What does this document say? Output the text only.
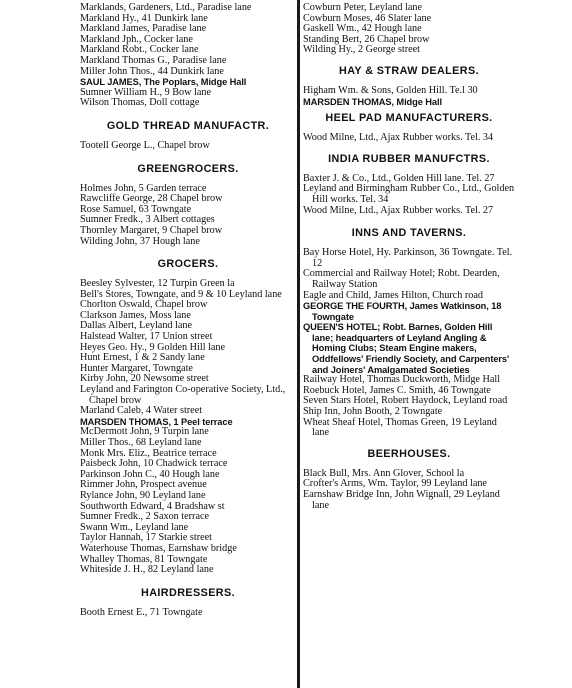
Marklands, Gardeners, Ltd., Paradise lane
Markland Hy., 41 Dunkirk lane
Markland James, Paradise lane
Markland Jph., Cocker lane
Markland Robt., Cocker lane
Markland Thomas G., Paradise lane
Miller John Thos., 44 Dunkirk lane
SAUL JAMES, The Poplars, Midge Hall
Sumner William H., 9 Bow lane
Wilson Thomas, Doll cottage
GOLD THREAD MANUFACTR.
Tootell George L., Chapel brow
GREENGROCERS.
Holmes John, 5 Garden terrace
Rawcliffe George, 28 Chapel brow
Rose Samuel, 63 Towngate
Sumner Fredk., 3 Albert cottages
Thornley Margaret, 9 Chapel brow
Wilding John, 37 Hough lane
GROCERS.
Beesley Sylvester, 12 Turpin Green la
Bell's Stores, Towngate, and 9 & 10 Leyland lane
Chorlton Oswald, Chapel brow
Clarkson James, Moss lane
Dallas Albert, Leyland lane
Halstead Walter, 17 Union street
Heyes Geo. Hy., 9 Golden Hill lane
Hunt Ernest, 1 & 2 Sandy lane
Hunter Margaret, Towngate
Kirby John, 20 Newsome street
Leyland and Farington Co-operative Society, Ltd., Chapel brow
Marland Caleb, 4 Water street
MARSDEN THOMAS, 1 Peel terrace
McDermott John, 9 Turpin lane
Miller Thos., 68 Leyland lane
Monk Mrs. Eliz., Beatrice terrace
Paisbeck John, 10 Chadwick terrace
Parkinson John C., 40 Hough lane
Rimmer John, Prospect avenue
Rylance John, 90 Leyland lane
Southworth Edward, 4 Bradshaw st
Sumner Fredk., 2 Saxon terrace
Swann Wm., Leyland lane
Taylor Hannah, 17 Starkie street
Waterhouse Thomas, Earnshaw bridge
Whalley Thomas, 81 Towngate
Whiteside J. H., 82 Leyland lane
HAIRDRESSERS.
Booth Ernest E., 71 Towngate
Cowburn Peter, Leyland lane
Cowburn Moses, 46 Slater lane
Gaskell Wm., 42 Hough lane
Standing Bert, 26 Chapel brow
Wilding Hy., 2 George street
HAY & STRAW DEALERS.
Higham Wm. & Sons, Golden Hill. Te.l 30
MARSDEN THOMAS, Midge Hall
HEEL PAD MANUFACTURERS.
Wood Milne, Ltd., Ajax Rubber works. Tel. 34
INDIA RUBBER MANUFCTRS.
Baxter J. & Co., Ltd., Golden Hill lane. Tel. 27
Leyland and Birmingham Rubber Co., Ltd., Golden Hill works. Tel. 34
Wood Milne, Ltd., Ajax Rubber works. Tel. 27
INNS AND TAVERNS.
Bay Horse Hotel, Hy. Parkinson, 36 Towngate. Tel. 12
Commercial and Railway Hotel; Robt. Dearden, Railway Station
Eagle and Child, James Hilton, Church road
GEORGE THE FOURTH, James Watkinson, 18 Towngate
QUEEN'S HOTEL; Robt. Barnes, Golden Hill lane; headquarters of Leyland Angling & Homing Clubs; Steam Engine makers, Oddfellows' Friendly Society, and Carpenters' and Joiners' Amalgamated Societies
Railway Hotel, Thomas Duckworth, Midge Hall
Roebuck Hotel, James C. Smith, 46 Towngate
Seven Stars Hotel, Robert Haydock, Leyland road
Ship Inn, John Booth, 2 Towngate
Wheat Sheaf Hotel, Thomas Green, 19 Leyland lane
BEERHOUSES.
Black Bull, Mrs. Ann Glover, School la
Crofter's Arms, Wm. Taylor, 99 Leyland lane
Earnshaw Bridge Inn, John Wignall, 29 Leyland lane
